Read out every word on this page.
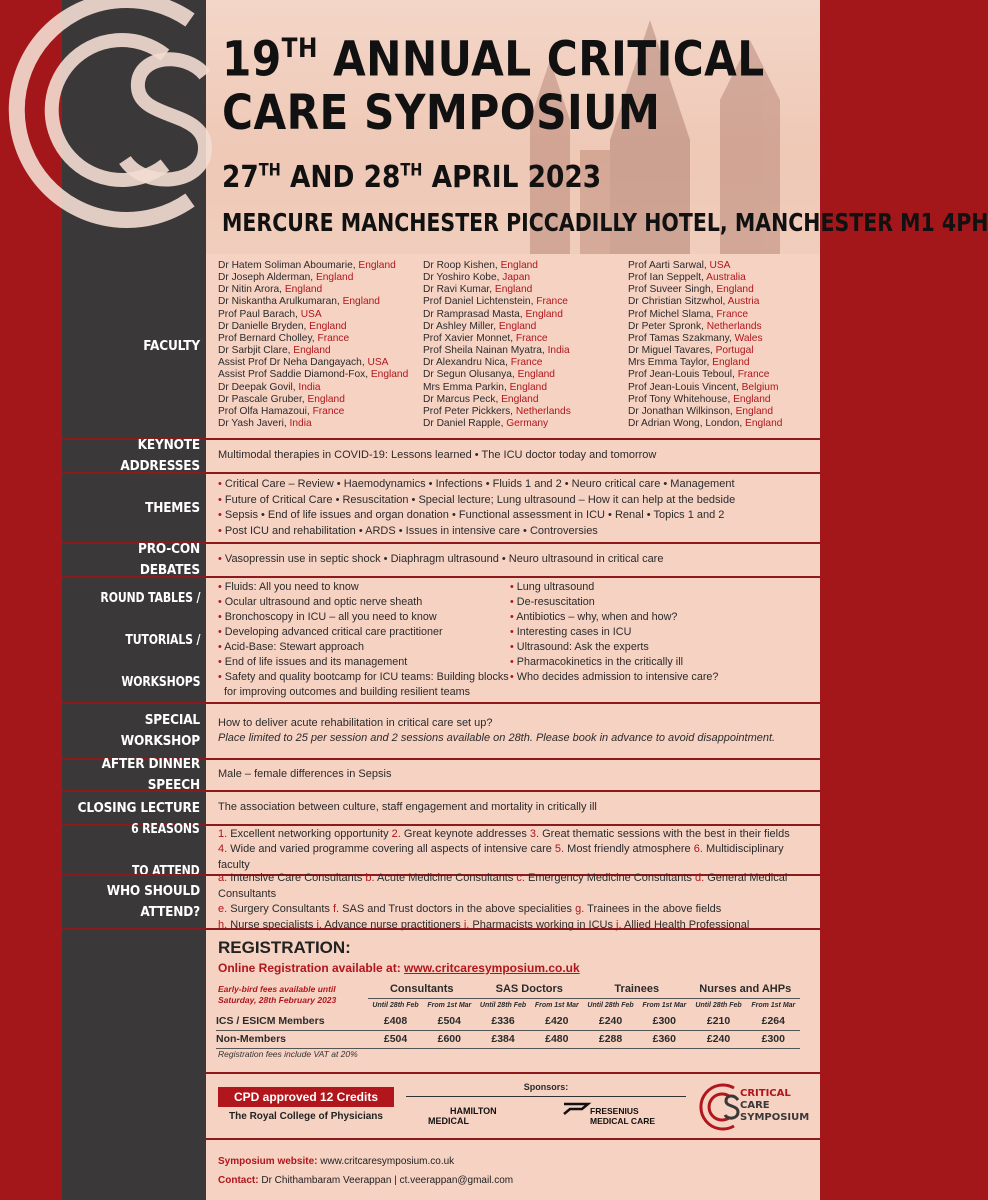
19TH ANNUAL CRITICAL
CARE SYMPOSIUM
27TH AND 28TH APRIL 2023
MERCURE MANCHESTER PICCADILLY HOTEL, MANCHESTER M1 4PH
FACULTY
Dr Hatem Soliman Aboumarie, England
Dr Joseph Alderman, England
Dr Nitin Arora, England
Dr Niskantha Arulkumaran, England
Prof Paul Barach, USA
Dr Danielle Bryden, England
Prof Bernard Cholley, France
Dr Sarbjit Clare, England
Assist Prof Dr Neha Dangayach, USA
Assist Prof Saddie Diamond-Fox, England
Dr Deepak Govil, India
Dr Pascale Gruber, England
Prof Olfa Hamazoui, France
Dr Yash Javeri, India
Dr Roop Kishen, England
Dr Yoshiro Kobe, Japan
Dr Ravi Kumar, England
Prof Daniel Lichtenstein, France
Dr Ramprasad Masta, England
Dr Ashley Miller, England
Prof Xavier Monnet, France
Prof Sheila Nainan Myatra, India
Dr Alexandru Nica, France
Dr Segun Olusanya, England
Mrs Emma Parkin, England
Dr Marcus Peck, England
Prof Peter Pickkers, Netherlands
Dr Daniel Rapple, Germany
Prof Aarti Sarwal, USA
Prof Ian Seppelt, Australia
Prof Suveer Singh, England
Dr Christian Sitzwhol, Austria
Prof Michel Slama, France
Dr Peter Spronk, Netherlands
Prof Tamas Szakmany, Wales
Dr Miguel Tavares, Portugal
Mrs Emma Taylor, England
Prof Jean-Louis Teboul, France
Prof Jean-Louis Vincent, Belgium
Prof Tony Whitehouse, England
Dr Jonathan Wilkinson, England
Dr Adrian Wong, London, England
KEYNOTE ADDRESSES
Multimodal therapies in COVID-19: Lessons learned • The ICU doctor today and tomorrow
THEMES
• Critical Care – Review • Haemodynamics • Infections • Fluids 1 and 2 • Neuro critical care • Management
• Future of Critical Care • Resuscitation • Special lecture; Lung ultrasound – How it can help at the bedside
• Sepsis • End of life issues and organ donation • Functional assessment in ICU • Renal • Topics 1 and 2
• Post ICU and rehabilitation • ARDS • Issues in intensive care • Controversies
PRO-CON DEBATES
• Vasopressin use in septic shock • Diaphragm ultrasound • Neuro ultrasound in critical care
ROUND TABLES /

TUTORIALS /

WORKSHOPS
• Fluids: All you need to know
• Ocular ultrasound and optic nerve sheath
• Bronchoscopy in ICU – all you need to know
• Developing advanced critical care practitioner
• Acid-Base: Stewart approach
• End of life issues and its management
• Safety and quality bootcamp for ICU teams: Building blocks
for improving outcomes and building resilient teams
• Lung ultrasound
• De-resuscitation
• Antibiotics – why, when and how?
• Interesting cases in ICU
• Ultrasound: Ask the experts
• Pharmacokinetics in the critically ill
• Who decides admission to intensive care?
SPECIAL WORKSHOP
How to deliver acute rehabilitation in critical care set up?
Place limited to 25 per session and 2 sessions available on 28th. Please book in advance to avoid disappointment.
AFTER DINNER SPEECH
Male – female differences in Sepsis
CLOSING LECTURE The association between culture, staff engagement and mortality in critically ill
6 REASONS

TO ATTEND
1. Excellent networking opportunity 2. Great keynote addresses 3. Great thematic sessions with the best in their fields
4. Wide and varied programme covering all aspects of intensive care 5. Most friendly atmosphere 6. Multidisciplinary faculty
WHO SHOULD ATTEND?
a. Intensive Care Consultants b. Acute Medicine Consultants c. Emergency Medicine Consultants d. General Medical Consultants
e. Surgery Consultants f. SAS and Trust doctors in the above specialities g. Trainees in the above fields
h. Nurse specialists i. Advance nurse practitioners i. Pharmacists working in ICUs j. Allied Health Professional
REGISTRATION:
Online Registration available at: www.critcaresymposium.co.uk
Early-bird fees available until
Saturday, 28th February 2023
	Consultants		SAS Doctors		Trainees		Nurses and AHPs	
	Until 28th Feb	From 1st Mar	Until 28th Feb	From 1st Mar	Until 28th Feb	From 1st Mar	Until 28th Feb	From 1st Mar
ICS / ESICM Members	£408	£504	£336	£420	£240	£300	£210	£264
Non-Members	£504	£600	£384	£480	£288	£360	£240	£300
Registration fees include VAT at 20%
CPD approved 12 Credits
The Royal College of Physicians
Sponsors:
HAMILTON
MEDICAL
FRESENIUS
MEDICAL CARE
CRITICAL
CARE
SYMPOSIUM
Symposium website: www.critcaresymposium.co.uk
Contact: Dr Chithambaram Veerappan | ct.veerappan@gmail.com
